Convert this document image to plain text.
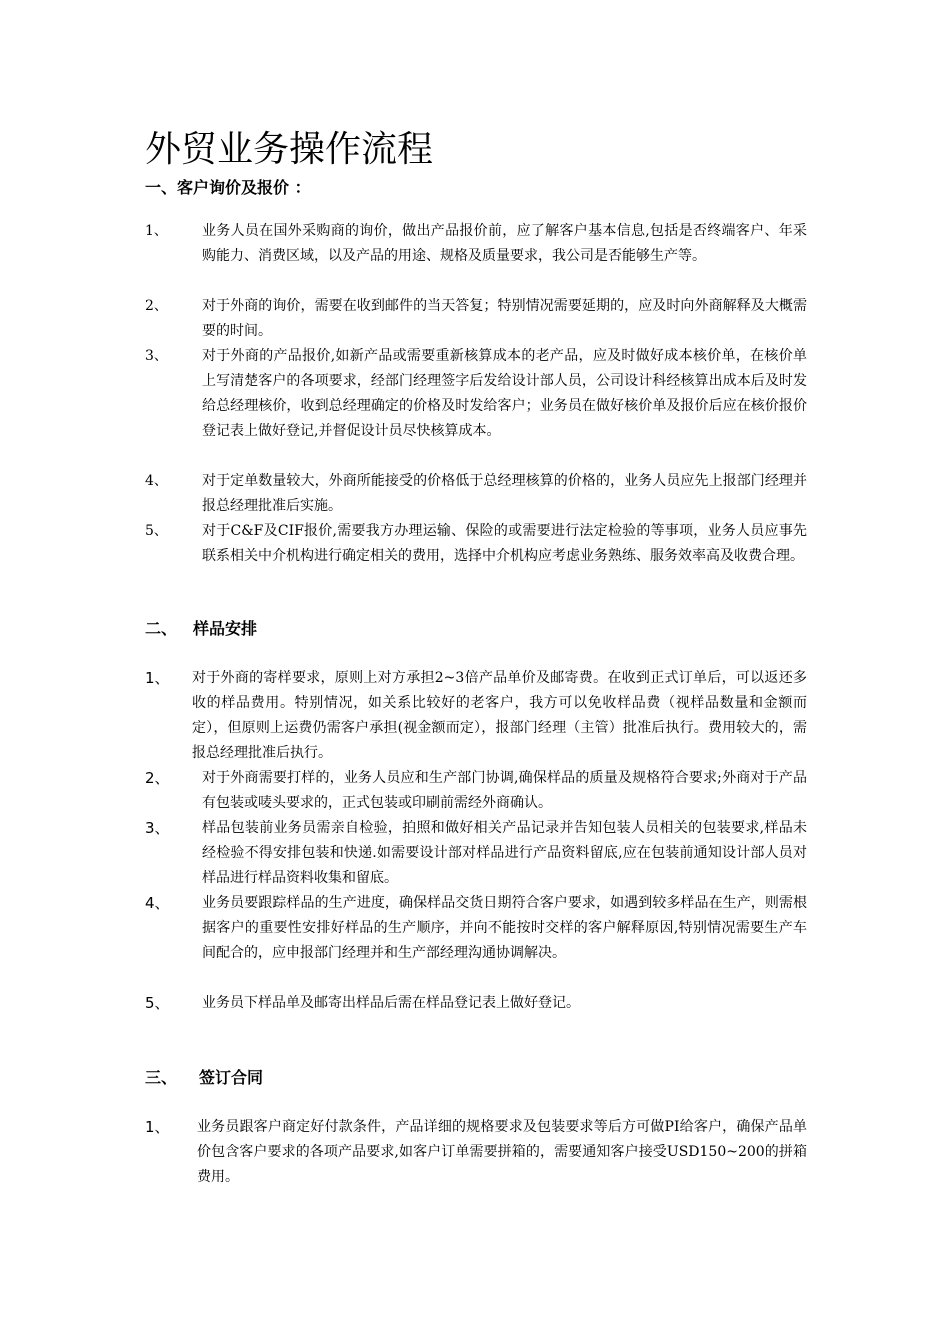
外贸业务操作流程
一、客户询价及报价 ：
1、 业务人员在国外采购商的询价，做出产品报价前，应了解客户基本信息,包括是否终端客户、年采购能力、消费区域，以及产品的用途、规格及质量要求，我公司是否能够生产等。
2、 对于外商的询价，需要在收到邮件的当天答复；特别情况需要延期的，应及时向外商解释及大概需要的时间。
3、 对于外商的产品报价,如新产品或需要重新核算成本的老产品，应及时做好成本核价单，在核价单上写清楚客户的各项要求，经部门经理签字后发给设计部人员，公司设计科经核算出成本后及时发给总经理核价，收到总经理确定的价格及时发给客户；业务员在做好核价单及报价后应在核价报价登记表上做好登记,并督促设计员尽快核算成本。
4、 对于定单数量较大，外商所能接受的价格低于总经理核算的价格的，业务人员应先上报部门经理并报总经理批准后实施。
5、 对于C&F及CIF报价,需要我方办理运输、保险的或需要进行法定检验的等事项，业务人员应事先联系相关中介机构进行确定相关的费用，选择中介机构应考虑业务熟练、服务效率高及收费合理。
二、 样品安排
1、 对于外商的寄样要求，原则上对方承担2~3倍产品单价及邮寄费。在收到正式订单后，可以返还多收的样品费用。特别情况，如关系比较好的老客户，我方可以免收样品费（视样品数量和金额而定），但原则上运费仍需客户承担(视金额而定），报部门经理（主管）批准后执行。费用较大的，需报总经理批准后执行。
2、 对于外商需要打样的，业务人员应和生产部门协调,确保样品的质量及规格符合要求;外商对于产品有包装或唛头要求的，正式包装或印刷前需经外商确认。
3、 样品包装前业务员需亲自检验，拍照和做好相关产品记录并告知包装人员相关的包装要求,样品未经检验不得安排包装和快递.如需要设计部对样品进行产品资料留底,应在包装前通知设计部人员对样品进行样品资料收集和留底。
4、 业务员要跟踪样品的生产进度，确保样品交货日期符合客户要求，如遇到较多样品在生产，则需根据客户的重要性安排好样品的生产顺序，并向不能按时交样的客户解释原因,特别情况需要生产车间配合的，应申报部门经理并和生产部经理沟通协调解决。
5、 业务员下样品单及邮寄出样品后需在样品登记表上做好登记。
三、 签订合同
1、 业务员跟客户商定好付款条件，产品详细的规格要求及包装要求等后方可做PI给客户，确保产品单价包含客户要求的各项产品要求,如客户订单需要拼箱的，需要通知客户接受USD150~200的拼箱费用。
